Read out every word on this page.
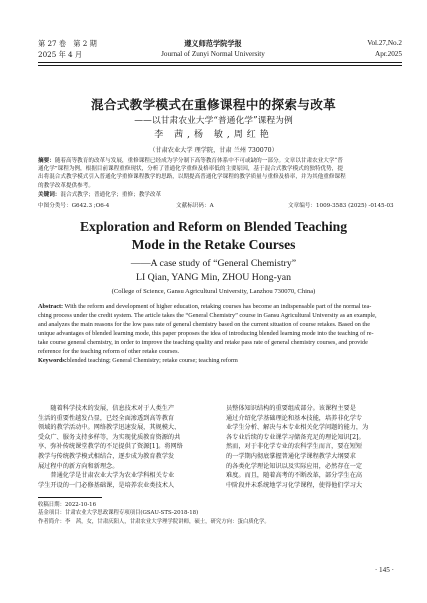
第 27 卷　第 2 期
2025 年 4 月
遵义师范学院学报
Journal of Zunyi Normal University
Vol.27,No.2
Apr.2025
混合式教学模式在重修课程中的探索与改革
——以甘肃农业大学“普通化学”课程为例
李 茜,杨 敏,周红艳
（甘肃农业大学 理学院，甘肃 兰州 730070）
摘要：随着高等教育的改革与发展，重修课程已经成为学分制下高等教育体系中不可或缺的一部分。文章以甘肃农业大学“普
通化学”课程为例，根据目前课程重修现状，分析了普通化学重修及格率低的主要原因，基于混合式教学模式的独特优势，提
出将混合式教学模式引入普通化学重修课程教学的思路，以期提高普通化学课程的教学质量与重修及格率，并为其他重修课程
的教学改革提供参考。
关键词：混合式教学；普通化学；重修；教学改革
中图分类号：G642.3 ;O6-4	文献标识码：A	文章编号：1009-3583 (2025) -0145-03
Exploration and Reform on Blended Teaching
Mode in the Retake Courses
——A case study of “General Chemistry”
LI Qian, YANG Min, ZHOU Hong-yan
(College of Science, Gansu Agricultural University, Lanzhou 730070, China)
Abstract: With the reform and development of higher education, retaking courses has become an indispensable part of the normal tea-
ching process under the credit system. The article takes the “General Chemistry” course in Gansu Agricultural University as an example,
and analyzes the main reasons for the low pass rate of general chemistry based on the current situation of course retakes. Based on the
unique advantages of blended learning mode, this paper proposes the idea of introducing blended learning mode into the teaching of re-
take course general chemistry, in order to improve the teaching quality and retake pass rate of general chemistry courses, and provide
reference for the teaching reform of other retake courses.
Keywords:blended teaching; General Chemistry; retake course; teaching reform
随着科学技术的发展，信息技术对于人类生产
生活的重要性越发凸显，已经全面渗透到高等教育
领域的教学活动中。网络教学迅速发展，其规模大、
受众广、服务支持多样等，为实现优质教育资源的共
享、弥补传统课堂教学的不足提供了资源[1]。将网络
教学与传统教学模式相结合，逐步成为教育教学发
展过程中的新方向和新理念。
普通化学是甘肃农业大学为农业学科相关专业
学生开设的一门必修基础课，是培养农业类技术人
员整体知识结构的重要组成部分。该课程主要是
通过介绍化学基础理论和基本技能，培养非化学专
业学生分析、解决与本专业相关化学问题的能力，为
各专业后续的专业课学习储备充足的理论知识[2]。
然而，对于非化学专业的农科学生而言，要在短短
的一学期内彻底掌握普通化学课程教学大纲要求
的各类化学理论知识以及实际应用，必然存在一定
难度。而且，随着高考的不断改革，部分学生在高
中阶段并未系统地学习化学课程，使得他们学习大
收稿日期：2022-10-16
基金项目：甘肃农业大学思政课程专项项目(GSAU-STS-2018-18)
作者简介：李　茜，女，甘肃庆阳人，甘肃农业大学理学院讲师，硕士，研究方向：蛋白质化学。
· 145 ·
